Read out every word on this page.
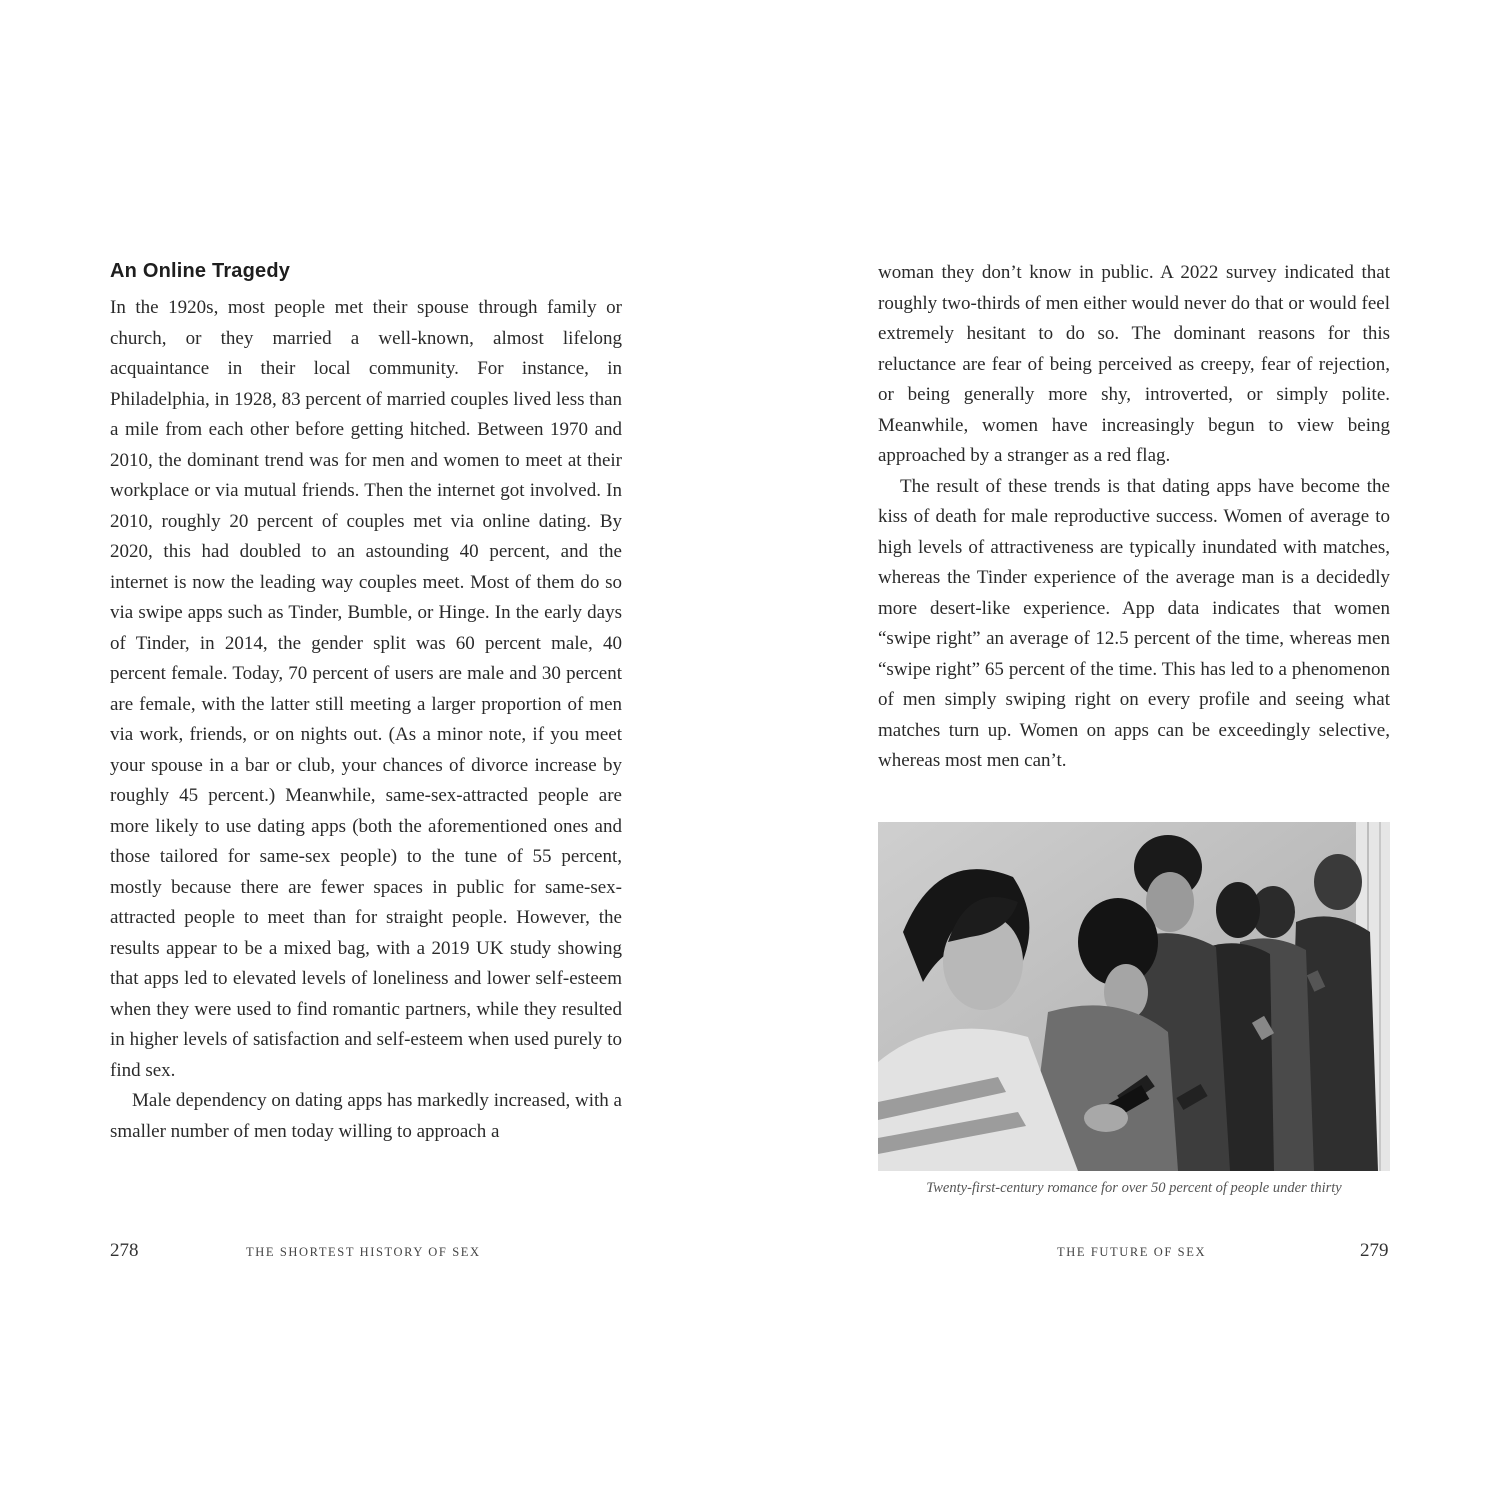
An Online Tragedy

In the 1920s, most people met their spouse through family or church, or they married a well-known, almost lifelong acquaintance in their local community. For instance, in Philadelphia, in 1928, 83 percent of married couples lived less than a mile from each other before getting hitched. Between 1970 and 2010, the dominant trend was for men and women to meet at their workplace or via mutual friends. Then the internet got involved. In 2010, roughly 20 percent of couples met via online dating. By 2020, this had doubled to an astounding 40 percent, and the internet is now the leading way couples meet. Most of them do so via swipe apps such as Tinder, Bumble, or Hinge. In the early days of Tinder, in 2014, the gender split was 60 percent male, 40 percent female. Today, 70 percent of users are male and 30 percent are female, with the latter still meeting a larger proportion of men via work, friends, or on nights out. (As a minor note, if you meet your spouse in a bar or club, your chances of divorce increase by roughly 45 percent.) Meanwhile, same-sex-attracted people are more likely to use dating apps (both the aforementioned ones and those tailored for same-sex people) to the tune of 55 percent, mostly because there are fewer spaces in public for same-sex-attracted people to meet than for straight people. However, the results appear to be a mixed bag, with a 2019 UK study showing that apps led to elevated levels of loneliness and lower self-esteem when they were used to find romantic partners, while they resulted in higher levels of satisfaction and self-esteem when used purely to find sex.

Male dependency on dating apps has markedly increased, with a smaller number of men today willing to approach a

278	THE SHORTEST HISTORY OF SEX

woman they don’t know in public. A 2022 survey indicated that roughly two-thirds of men either would never do that or would feel extremely hesitant to do so. The dominant reasons for this reluctance are fear of being perceived as creepy, fear of rejection, or being generally more shy, introverted, or simply polite. Meanwhile, women have increasingly begun to view being approached by a stranger as a red flag.

The result of these trends is that dating apps have become the kiss of death for male reproductive success. Women of average to high levels of attractiveness are typically inundated with matches, whereas the Tinder experience of the average man is a decidedly more desert-like experience. App data indicates that women “swipe right” an average of 12.5 percent of the time, whereas men “swipe right” 65 percent of the time. This has led to a phenomenon of men simply swiping right on every profile and seeing what matches turn up. Women on apps can be exceedingly selective, whereas most men can’t.

Twenty-first-century romance for over 50 percent of people under thirty
THE FUTURE OF SEX	279
